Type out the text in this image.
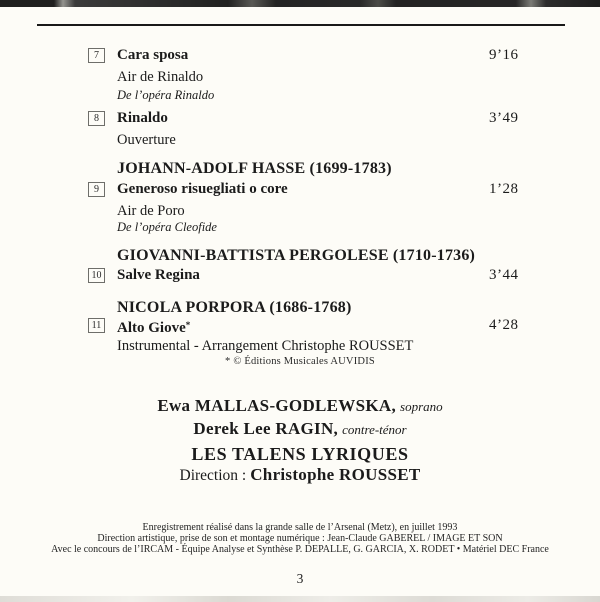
7	Cara sposa	9’16
Air de Rinaldo
De l’opéra Rinaldo
8	Rinaldo	3’49
Ouverture
JOHANN-ADOLF HASSE (1699-1783)
9	Generoso risuegliati o core	1’28
Air de Poro
De l’opéra Cleofide
GIOVANNI-BATTISTA PERGOLESE (1710-1736)
10 Salve Regina	3’44
NICOLA PORPORA (1686-1768)
11 Alto Giove*	4’28
Instrumental - Arrangement Christophe ROUSSET
* © Éditions Musicales AUVIDIS
Ewa MALLAS-GODLEWSKA, soprano
Derek Lee RAGIN, contre-ténor
LES TALENS LYRIQUES
Direction : Christophe ROUSSET
Enregistrement réalisé dans la grande salle de l’Arsenal (Metz), en juillet 1993
Direction artistique, prise de son et montage numérique : Jean-Claude GABEREL / IMAGE ET SON
Avec le concours de l’IRCAM - Équipe Analyse et Synthèse P. DEPALLE, G. GARCIA, X. RODET • Matériel DEC France
3
